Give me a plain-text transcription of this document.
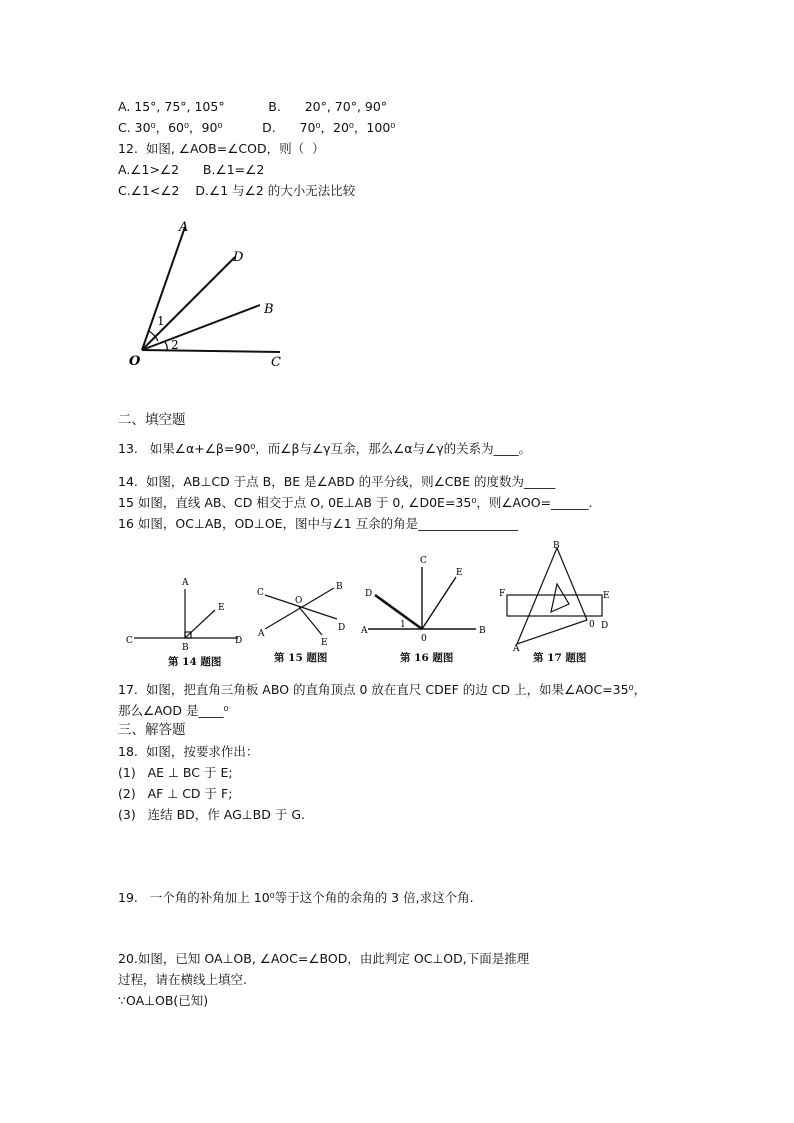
A. 15°, 75°, 105°           B.      20°, 70°, 90°
C. 30⁰，60⁰，90⁰          D.      70⁰，20⁰，100⁰
12.  如图, ∠AOB=∠COD，则（  ）
A.∠1>∠2      B.∠1=∠2
C.∠1<∠2    D.∠1 与∠2 的大小无法比较
A
D
B
1
2
O	C
二、填空题
13.   如果∠α+∠β=90⁰，而∠β与∠γ互余，那么∠α与∠γ的关系为____。
14.  如图，AB⊥CD 于点 B，BE 是∠ABD 的平分线，则∠CBE 的度数为_____
15 如图，直线 AB、CD 相交于点 O, 0E⊥AB 于 0, ∠D0E=35⁰，则∠AOO=______.
16 如图，OC⊥AB，OD⊥OE，图中与∠1 互余的角是________________
A
E
C
B
D
第 14 题图
C
O
B
A
D
E
第 15 题图
C
E
D
1
A
0
B
第 16 题图
B
F	E
0 D
A
第 17 题图
17.  如图，把直角三角板 ABO 的直角顶点 0 放在直尺 CDEF 的边 CD 上，如果∠AOC=35⁰，
那么∠AOD 是____⁰
三、解答题
18.  如图，按要求作出：
(1)   AE ⊥ BC 于 E;
(2)   AF ⊥ CD 于 F;
(3)   连结 BD，作 AG⊥BD 于 G.
19.   一个角的补角加上 10⁰等于这个角的余角的 3 倍,求这个角.
20.如图，已知 OA⊥OB, ∠AOC=∠BOD，由此判定 OC⊥OD,下面是推理
过程，请在横线上填空.
∵OA⊥OB(已知)
